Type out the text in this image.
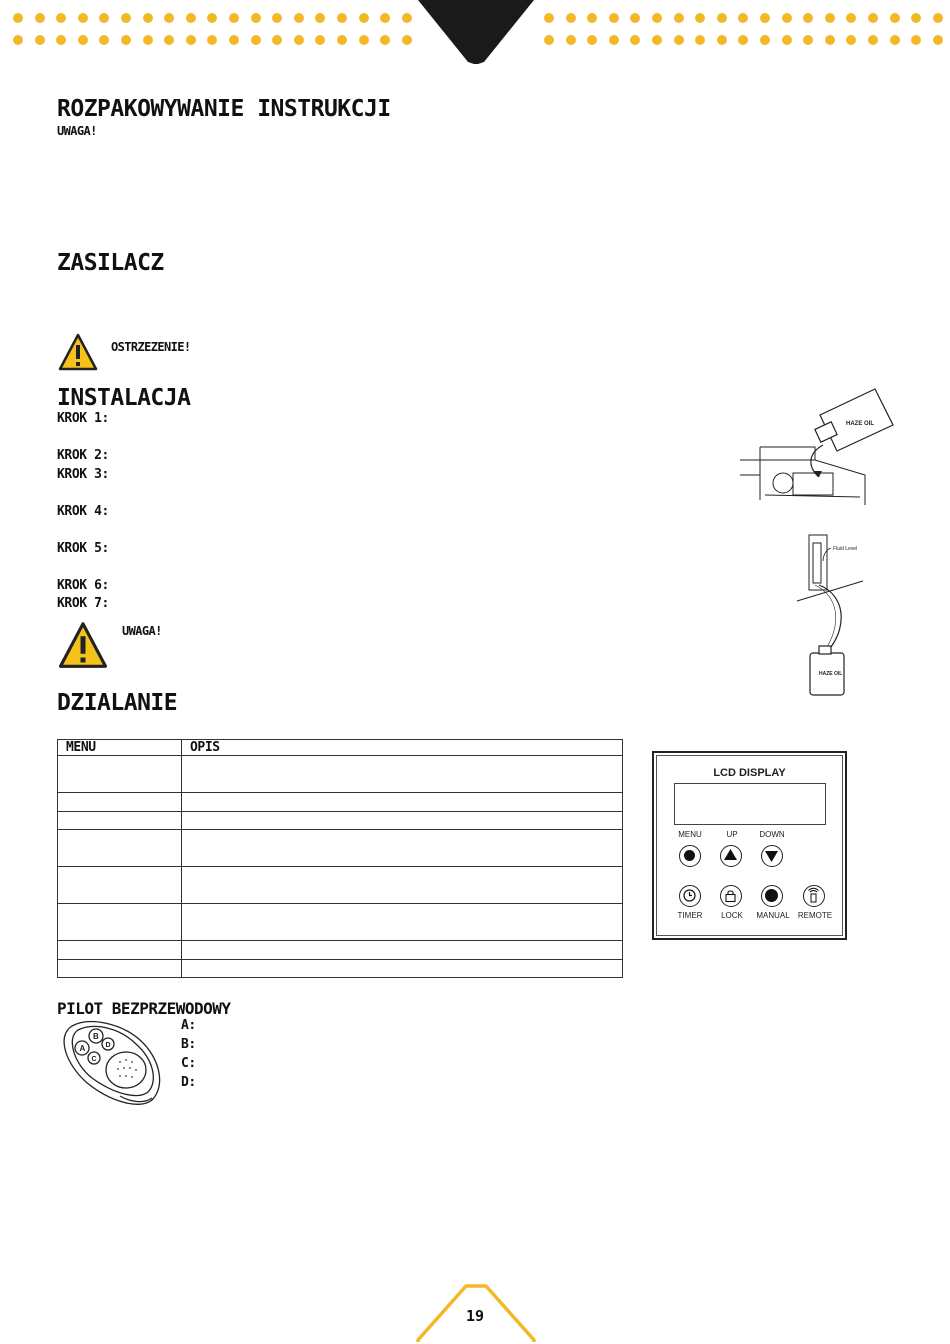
ROZPAKOWYWANIE INSTRUKCJI
UWAGA!
ZASILACZ
OSTRZEZENIE!
INSTALACJA
KROK 1:
KROK 2:
KROK 3:
KROK 4:
KROK 5:
KROK 6:
KROK 7:
UWAGA!
HAZE OIL
Fluid Level
HAZE OIL
DZIALANIE
MENU	OPIS

LCD DISPLAY
MENU	UP	DOWN
TIMER	LOCK	MANUAL	REMOTE
PILOT BEZPRZEWODOWY
A
B
C
D
A:
B:
C:
D:
19
